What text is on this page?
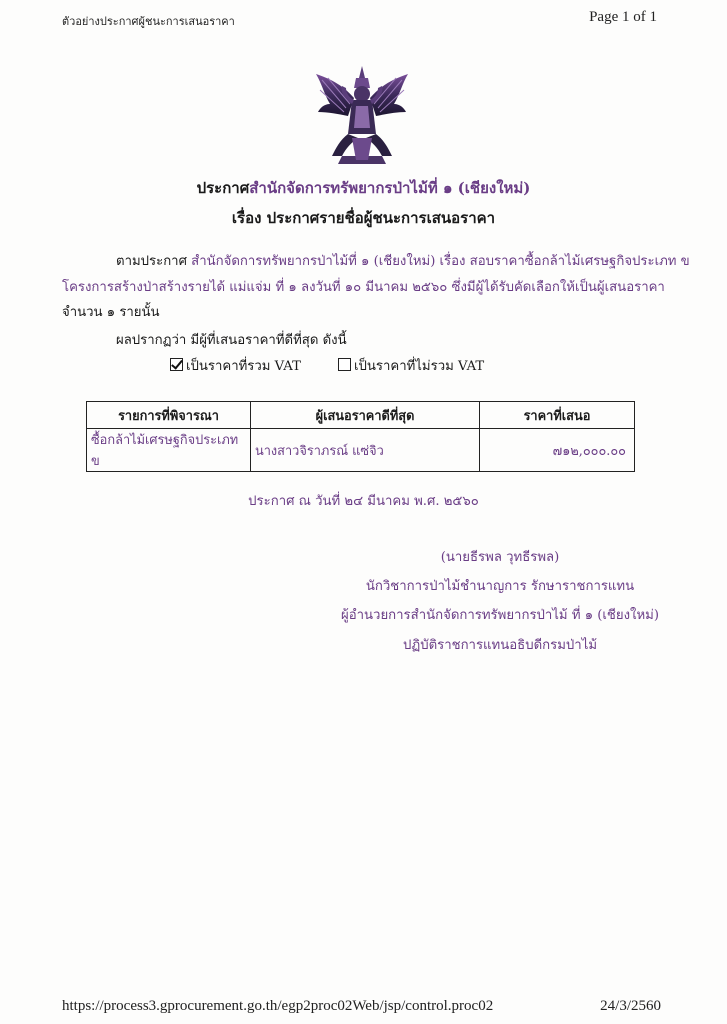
ตัวอย่างประกาศผู้ชนะการเสนอราคา	Page 1 of 1
ประกาศสำนักจัดการทรัพยากรป่าไม้ที่ ๑ (เชียงใหม่)
เรื่อง ประกาศรายชื่อผู้ชนะการเสนอราคา
ตามประกาศ สำนักจัดการทรัพยากรป่าไม้ที่ ๑ (เชียงใหม่) เรื่อง สอบราคาซื้อกล้าไม้เศรษฐกิจประเภท ข
โครงการสร้างป่าสร้างรายได้ แม่แจ่ม ที่ ๑ ลงวันที่ ๑๐ มีนาคม ๒๕๖๐ ซึ่งมีผู้ได้รับคัดเลือกให้เป็นผู้เสนอราคา
จำนวน ๑ รายนั้น
ผลปรากฏว่า มีผู้ที่เสนอราคาที่ดีที่สุด ดังนี้
เป็นราคาที่รวม VAT	เป็นราคาที่ไม่รวม VAT
รายการที่พิจารณา	ผู้เสนอราคาดีที่สุด	ราคาที่เสนอ
ซื้อกล้าไม้เศรษฐกิจประเภท ข	นางสาวจิราภรณ์ แซ่จิว	๗๑๒,๐๐๐.๐๐
ประกาศ ณ วันที่ ๒๔ มีนาคม พ.ศ. ๒๕๖๐
(นายธีรพล วุทธีรพล)
นักวิชาการป่าไม้ชำนาญการ รักษาราชการแทน
ผู้อำนวยการสำนักจัดการทรัพยากรป่าไม้ ที่ ๑ (เชียงใหม่)
ปฏิบัติราชการแทนอธิบดีกรมป่าไม้
https://process3.gprocurement.go.th/egp2proc02Web/jsp/control.proc02	24/3/2560
